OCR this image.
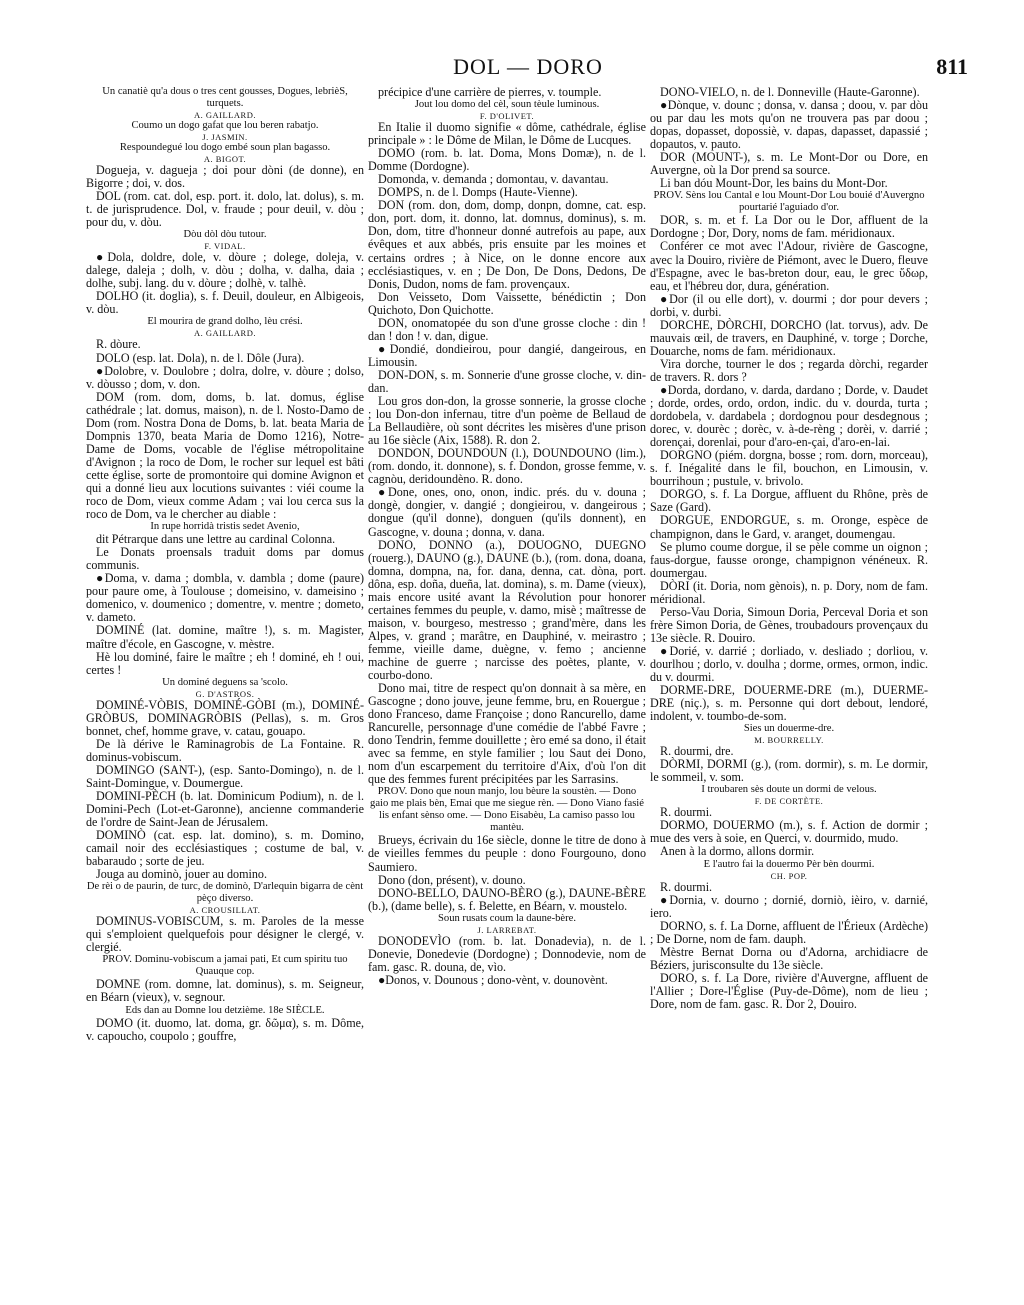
DOL — DORO	811

Un canatiè qu'a dous o tres cent gousses, Dogues, lebrièS, turquets.

A. GAILLARD.

Coumo un dogo gafat que lou beren rabatjo.

J. JASMIN.

Respoundegué lou dogo embé soun plan bagasso.

A. BIGOT.

Dogueja, v. dagueja ; doi pour dòni (de donne), en Bigorre ; doi, v. dos.

DOL (rom. cat. dol, esp. port. it. dolo, lat. dolus), s. m. t. de jurisprudence. Dol, v. fraude ; pour deuil, v. dòu ; pour du, v. dòu.

Dòu dòl dòu tutour.

F. VIDAL.

●Dola, doldre, dole, v. dòure ; dolege, doleja, v. dalege, daleja ; dolh, v. dòu ; dolha, v. dalha, daia ; dolhe, subj. lang. du v. dòure ; dolhè, v. talhè.

DOLHO (it. doglia), s. f. Deuil, douleur, en Albigeois, v. dòu.

El mourira de grand dolho, lèu crési.

A. GAILLARD.

R. dòure.

DOLO (esp. lat. Dola), n. de l. Dôle (Jura).

●Dolobre, v. Doulobre ; dolra, dolre, v. dòure ; dolso, v. dòusso ; dom, v. don.

DOM (rom. dom, doms, b. lat. domus, église cathédrale ; lat. domus, maison), n. de l. Nosto-Damo de Dom (rom. Nostra Dona de Doms, b. lat. beata Maria de Dompnis 1370, beata Maria de Domo 1216), Notre-Dame de Doms, vocable de l'église métropolitaine d'Avignon ; la roco de Dom, le rocher sur lequel est bâti cette église, sorte de promontoire qui domine Avignon et qui a donné lieu aux locutions suivantes : viéi coume la roco de Dom, vieux comme Adam ; vai lou cerca sus la roco de Dom, va le chercher au diable :

In rupe horridà tristis sedet Avenio,

dit Pétrarque dans une lettre au cardinal Colonna.

Le Donats proensals traduit doms par domus communis.

●Doma, v. dama ; dombla, v. dambla ; dome (paure) pour paure ome, à Toulouse ; domeisino, v. dameisino ; domenico, v. doumenico ; domentre, v. mentre ; dometo, v. dameto.

DOMINÉ (lat. domine, maître !), s. m. Magister, maître d'école, en Gascogne, v. mèstre.

Hè lou dominé, faire le maître ; eh ! dominé, eh ! oui, certes !

Un dominé deguens sa 'scolo.

G. D'ASTROS.

DOMINÉ-VÒBIS, DOMINÉ-GÒBI (m.), DOMINÉ-GRÒBUS, DOMINAGRÒBIS (Pellas), s. m. Gros bonnet, chef, homme grave, v. catau, gouapo.

De là dérive le Raminagrobis de La Fontaine. R. dominus-vobiscum.

DOMINGO (SANT-), (esp. Santo-Domingo), n. de l. Saint-Domingue, v. Doumergue.

DOMINI-PÈCH (b. lat. Dominicum Podium), n. de l. Domini-Pech (Lot-et-Garonne), ancienne commanderie de l'ordre de Saint-Jean de Jérusalem.

DOMINÒ (cat. esp. lat. domino), s. m. Domino, camail noir des ecclésiastiques ; costume de bal, v. babaraudo ; sorte de jeu.

Jouga au dominò, jouer au domino.

De rèi o de paurin, de turc, de dominò, D'arlequin bigarra de cènt pèço diverso.

A. CROUSILLAT.

DOMINUS-VOBISCUM, s. m. Paroles de la messe qui s'emploient quelquefois pour désigner le clergé, v. clergié.

PROV. Dominu-vobiscum a jamai pati, Et cum spiritu tuo Quauque cop.

DOMNE (rom. domne, lat. dominus), s. m. Seigneur, en Béarn (vieux), v. segnour.

Eds dan au Domne lou detzième. 18e SIÈCLE.

DOMO (it. duomo, lat. doma, gr. δῶμα), s. m. Dôme, v. capoucho, coupolo ; gouffre,

précipice d'une carrière de pierres, v. toumple.

Jout lou domo del cèl, soun tèule luminous.

F. D'OLIVET.

En Italie il duomo signifie « dôme, cathédrale, église principale » : le Dôme de Milan, le Dôme de Lucques.

DOMO (rom. b. lat. Doma, Mons Domæ), n. de l. Domme (Dordogne).

Domonda, v. demanda ; domontau, v. davantau.

DOMPS, n. de l. Domps (Haute-Vienne).

DON (rom. don, dom, domp, donpn, domne, cat. esp. don, port. dom, it. donno, lat. domnus, dominus), s. m. Don, dom, titre d'honneur donné autrefois au pape, aux évêques et aux abbés, pris ensuite par les moines et certains ordres ; à Nice, on le donne encore aux ecclésiastiques, v. en ; De Don, De Dons, Dedons, De Donis, Dudon, noms de fam. provençaux.

Don Veisseto, Dom Vaissette, bénédictin ; Don Quichoto, Don Quichotte.

DON, onomatopée du son d'une grosse cloche : din ! dan ! don ! v. dan, digue.

●Dondié, dondieirou, pour dangié, dangeirous, en Limousin.

DON-DON, s. m. Sonnerie d'une grosse cloche, v. din-dan.

Lou gros don-don, la grosse sonnerie, la grosse cloche ; lou Don-don infernau, titre d'un poème de Bellaud de La Bellaudière, où sont décrites les misères d'une prison au 16e siècle (Aix, 1588). R. don 2.

DONDON, DOUNDOUN (l.), DOUNDOUNO (lim.), (rom. dondo, it. donnone), s. f. Dondon, grosse femme, v. cagnòu, deridoundèno. R. dono.

●Done, ones, ono, onon, indic. prés. du v. douna ; dongè, dongier, v. dangié ; dongieirou, v. dangeirous ; dongue (qu'il donne), donguen (qu'ils donnent), en Gascogne, v. douna ; donna, v. dana.

DONO, DONNO (a.), DOUOGNO, DUEGNO (rouerg.), DAUNO (g.), DAUNE (b.), (rom. dona, doana, domna, dompna, na, for. dana, denna, cat. dòna, port. dôna, esp. doña, dueña, lat. domina), s. m. Dame (vieux), mais encore usité avant la Révolution pour honorer certaines femmes du peuple, v. damo, misè ; maîtresse de maison, v. bourgeso, mestresso ; grand'mère, dans les Alpes, v. grand ; marâtre, en Dauphiné, v. meirastro ; femme, vieille dame, duègne, v. femo ; ancienne machine de guerre ; narcisse des poètes, plante, v. courbo-dono.

Dono mai, titre de respect qu'on donnait à sa mère, en Gascogne ; dono jouve, jeune femme, bru, en Rouergue ; dono Franceso, dame Françoise ; dono Rancurello, dame Rancurelle, personnage d'une comédie de l'abbé Favre ; dono Tendrin, femme douillette ; èro emé sa dono, il était avec sa femme, en style familier ; lou Saut dei Dono, nom d'un escarpement du territoire d'Aix, d'où l'on dit que des femmes furent précipitées par les Sarrasins.

PROV. Dono que noun manjo, lou bèure la soustèn. — Dono gaio me plais bèn, Emai que me siegue rèn. — Dono Viano fasié lis enfant sènso ome. — Dono Eisabèu, La camiso passo lou mantèu.

Brueys, écrivain du 16e siècle, donne le titre de dono à de vieilles femmes du peuple : dono Fourgouno, dono Saumiero.

Dono (don, présent), v. douno.

DONO-BELLO, DAUNO-BÈRO (g.), DAUNE-BÈRE (b.), (dame belle), s. f. Belette, en Béarn, v. moustelo.

Soun rusats coum la daune-bère.

J. LARREBAT.

DONODEVÌO (rom. b. lat. Donadevia), n. de l. Donevie, Donedevie (Dordogne) ; Donnodevie, nom de fam. gasc. R. douna, de, vìo.

●Donos, v. Dounous ; dono-vènt, v. dounovènt.

DONO-VIELO, n. de l. Donneville (Haute-Garonne).

●Dònque, v. dounc ; donsa, v. dansa ; doou, v. par dòu ou par dau les mots qu'on ne trouvera pas par doou ; dopas, dopasset, dopossiè, v. dapas, dapasset, dapassié ; dopautos, v. pauto.

DOR (MOUNT-), s. m. Le Mont-Dor ou Dore, en Auvergne, où la Dor prend sa source.

Li ban dóu Mount-Dor, les bains du Mont-Dor.

PROV. Sèns lou Cantal e lou Mount-Dor Lou bouié d'Auvergno pourtarié l'aguiado d'or.

DOR, s. m. et f. La Dor ou le Dor, affluent de la Dordogne ; Dor, Dory, noms de fam. méridionaux.

Conférer ce mot avec l'Adour, rivière de Gascogne, avec la Douiro, rivière de Piémont, avec le Duero, fleuve d'Espagne, avec le bas-breton dour, eau, le grec ὕδωρ, eau, et l'hébreu dor, dura, génération.

●Dor (il ou elle dort), v. dourmi ; dor pour devers ; dorbi, v. durbi.

DORCHE, DÒRCHI, DORCHO (lat. torvus), adv. De mauvais œil, de travers, en Dauphiné, v. torge ; Dorche, Douarche, noms de fam. méridionaux.

Vira dorche, tourner le dos ; regarda dòrchi, regarder de travers. R. dors ?

●Dorda, dordano, v. darda, dardano ; Dorde, v. Daudet ; dorde, ordes, ordo, ordon, indic. du v. dourda, turta ; dordobela, v. dardabela ; dordognou pour desdegnous ; dorec, v. dourèc ; dorèc, v. à-de-rèng ; dorèi, v. darrié ; dorençai, dorenlai, pour d'aro-en-çai, d'aro-en-lai.

DORGNO (piém. dorgna, bosse ; rom. dorn, morceau), s. f. Inégalité dans le fil, bouchon, en Limousin, v. bourrihoun ; pustule, v. brivolo.

DORGO, s. f. La Dorgue, affluent du Rhône, près de Saze (Gard).

DORGUE, ENDORGUE, s. m. Oronge, espèce de champignon, dans le Gard, v. aranget, doumengau.

Se plumo coume dorgue, il se pèle comme un oignon ; faus-dorgue, fausse oronge, champignon vénéneux. R. doumergau.

DÒRI (it. Doria, nom gènois), n. p. Dory, nom de fam. méridional.

Perso-Vau Doria, Simoun Doria, Perceval Doria et son frère Simon Doria, de Gènes, troubadours provençaux du 13e siècle. R. Douiro.

●Dorié, v. darrié ; dorliado, v. desliado ; dorliou, v. dourlhou ; dorlo, v. doulha ; dorme, ormes, ormon, indic. du v. dourmi.

DORME-DRE, DOUERME-DRE (m.), DUERME-DRE (niç.), s. m. Personne qui dort debout, lendoré, indolent, v. toumbo-de-som.

Sies un douerme-dre.

M. BOURRELLY.

R. dourmi, dre.

DÒRMI, DORMI (g.), (rom. dormir), s. m. Le dormir, le sommeil, v. som.

I troubaren sès doute un dormi de velous.

F. DE CORTÈTE.

R. dourmi.

DORMO, DOUERMO (m.), s. f. Action de dormir ; mue des vers à soie, en Querci, v. dourmido, mudo.

Anen à la dormo, allons dormir.

E l'autro fai la douermo Pèr bèn dourmi.

CH. POP.

R. dourmi.

●Dornia, v. dourno ; dornié, dorniò, ièiro, v. darnié, iero.

DORNO, s. f. La Dorne, affluent de l'Érieux (Ardèche) ; De Dorne, nom de fam. dauph.

Mèstre Bernat Dorna ou d'Adorna, archidiacre de Béziers, jurisconsulte du 13e siècle.

DORO, s. f. La Dore, rivière d'Auvergne, affluent de l'Allier ; Dore-l'Église (Puy-de-Dôme), nom de lieu ; Dore, nom de fam. gasc. R. Dor 2, Douiro.
